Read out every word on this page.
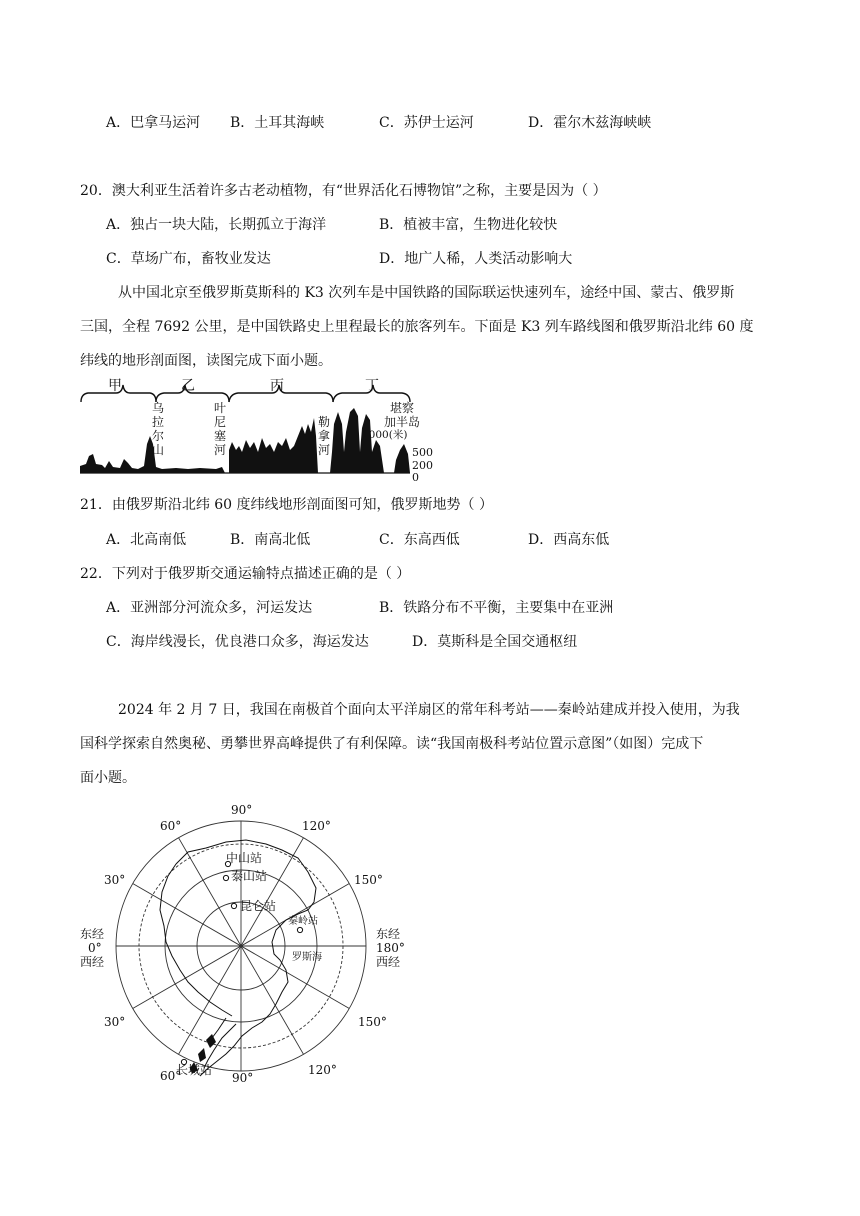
A．巴拿马运河 B．土耳其海峡	C．苏伊士运河	D．霍尔木兹海峡峡
20．澳大利亚生活着许多古老动植物，有“世界活化石博物馆”之称，主要是因为（ ）
A．独占一块大陆，长期孤立于海洋	B．植被丰富，生物进化较快
C．草场广布，畜牧业发达	D．地广人稀，人类活动影响大
从中国北京至俄罗斯莫斯科的 K3 次列车是中国铁路的国际联运快速列车，途经中国、蒙古、俄罗斯
三国，全程 7692 公里，是中国铁路史上里程最长的旅客列车。下面是 K3 列车路线图和俄罗斯沿北纬 60 度
纬线的地形剖面图，读图完成下面小题。
甲	乙	丙	丁
乌
拉
尔
山
叶
尼
塞
河
勒
拿
河
堪察
加半岛
1000(米)
500
200
0
21．由俄罗斯沿北纬 60 度纬线地形剖面图可知，俄罗斯地势（ ）
A．北高南低	B．南高北低	C．东高西低	D．西高东低
22．下列对于俄罗斯交通运输特点描述正确的是（ ）
A．亚洲部分河流众多，河运发达	B．铁路分布不平衡，主要集中在亚洲
C．海岸线漫长，优良港口众多，海运发达	D．莫斯科是全国交通枢纽
2024 年 2 月 7 日，我国在南极首个面向太平洋扇区的常年科考站——秦岭站建成并投入使用，为我
国科学探索自然奥秘、勇攀世界高峰提供了有利保障。读“我国南极科考站位置示意图”（如图）完成下
面小题。
中山站
泰山站
昆仑站
长城站
秦岭站
罗斯海
90°
60°	120°
30°	150°
东经
0°
西经
东经
180°
西经
30°	150°
60°	90°
120°
